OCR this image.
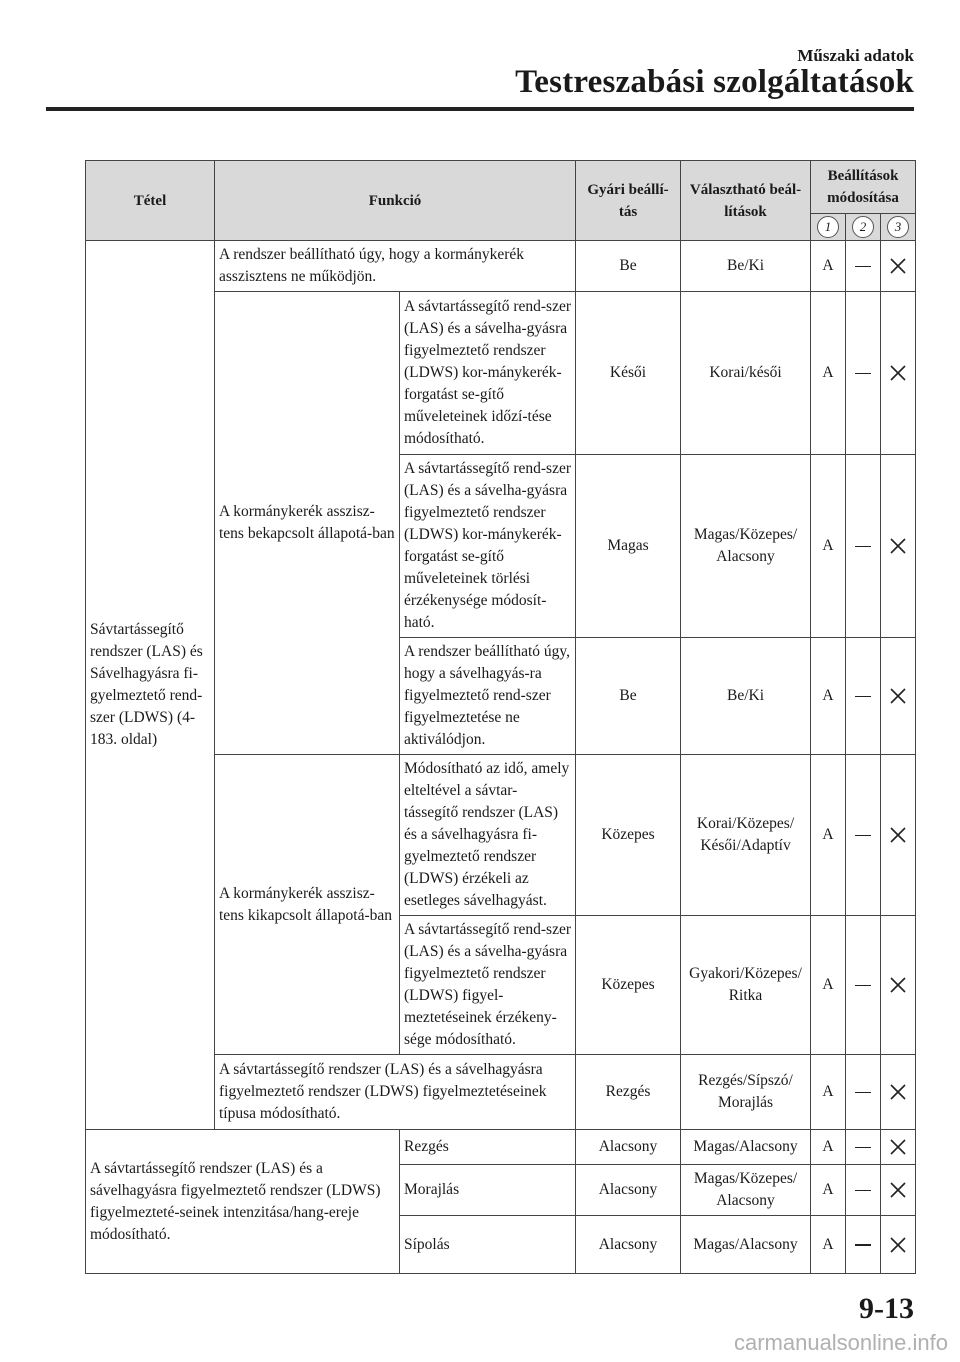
Műszaki adatok
Testreszabási szolgáltatások
Tétel	Funkció		Gyári beállí-tás	Választható beál-lítások	Beállítások módosítása		
					1	2	3
Sávtartássegítő rendszer (LAS) és Sávelhagyásra fi-gyelmeztető rend-szer (LDWS) (4-183. oldal)	A rendszer beállítható úgy, hogy a kormánykerék asszisztens ne működjön.		Be	Be/Ki	A		
	A kormánykerék asszisz-tens bekapcsolt állapotá-ban	A sávtartássegítő rend-szer (LAS) és a sávelha-gyásra figyelmeztető rendszer (LDWS) kor-mánykerék-forgatást se-gítő műveleteinek időzí-tése módosítható.	Késői	Korai/késői	A		
		A sávtartássegítő rend-szer (LAS) és a sávelha-gyásra figyelmeztető rendszer (LDWS) kor-mánykerék-forgatást se-gítő műveleteinek törlési érzékenysége módosít-ható.	Magas	Magas/Közepes/ Alacsony	A		
		A rendszer beállítható úgy, hogy a sávelhagyás-ra figyelmeztető rend-szer figyelmeztetése ne aktiválódjon.	Be	Be/Ki	A		
	A kormánykerék asszisz-tens kikapcsolt állapotá-ban	Módosítható az idő, amely elteltével a sávtar-tássegítő rendszer (LAS) és a sávelhagyásra fi-gyelmeztető rendszer (LDWS) érzékeli az esetleges sávelhagyást.	Közepes	Korai/Közepes/ Késői/Adaptív	A		
		A sávtartássegítő rend-szer (LAS) és a sávelha-gyásra figyelmeztető rendszer (LDWS) figyel-meztetéseinek érzékeny-sége módosítható.	Közepes	Gyakori/Közepes/ Ritka	A		
	A sávtartássegítő rendszer (LAS) és a sávelhagyásra figyelmeztető rendszer (LDWS) figyelmeztetéseinek típusa módosítható.		Rezgés	Rezgés/Sípszó/ Morajlás	A		
A sávtartássegítő rendszer (LAS) és a sávelhagyásra figyelmeztető rendszer (LDWS) figyelmezteté-seinek intenzitása/hang-ereje módosítható.		Rezgés	Alacsony	Magas/Alacsony	A		
		Morajlás	Alacsony	Magas/Közepes/ Alacsony	A		
		Sípolás	Alacsony	Magas/Alacsony	A		
9-13
carmanualsonline.info
